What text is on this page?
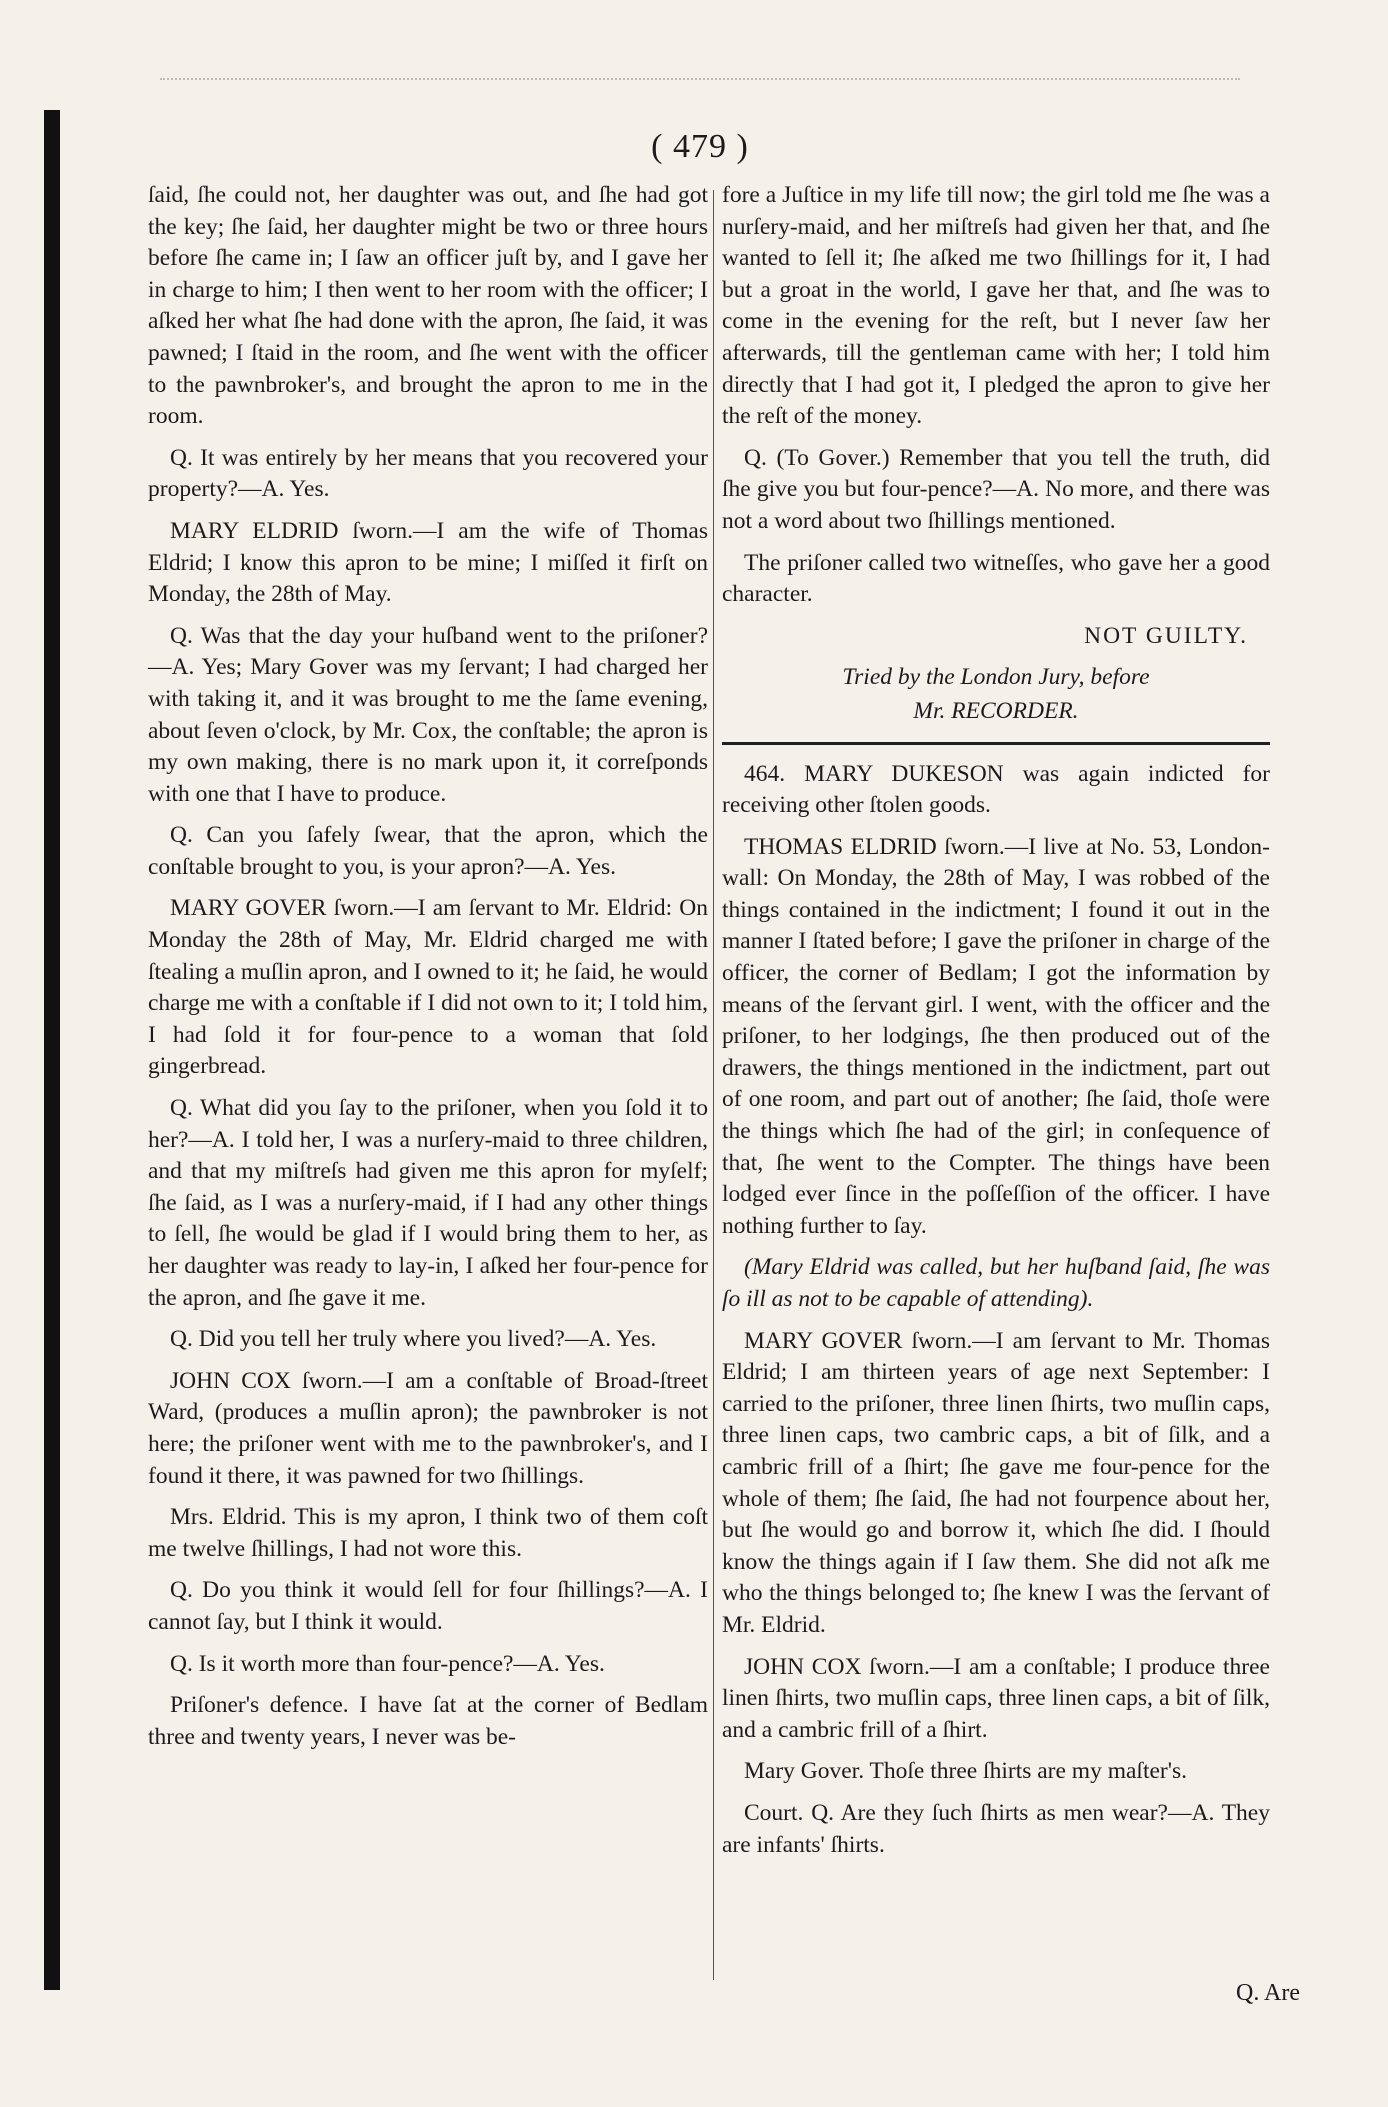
( 479 )

ſaid, ſhe could not, her daughter was out, and ſhe had got the key; ſhe ſaid, her daughter might be two or three hours before ſhe came in; I ſaw an officer juſt by, and I gave her in charge to him; I then went to her room with the officer; I aſked her what ſhe had done with the apron, ſhe ſaid, it was pawned; I ſtaid in the room, and ſhe went with the officer to the pawnbroker's, and brought the apron to me in the room.

Q. It was entirely by her means that you recovered your property?—A. Yes.

MARY ELDRID ſworn.—I am the wife of Thomas Eldrid; I know this apron to be mine; I miſſed it firſt on Monday, the 28th of May.

Q. Was that the day your huſband went to the priſoner?—A. Yes; Mary Gover was my ſervant; I had charged her with taking it, and it was brought to me the ſame evening, about ſeven o'clock, by Mr. Cox, the conſtable; the apron is my own making, there is no mark upon it, it correſponds with one that I have to produce.

Q. Can you ſafely ſwear, that the apron, which the conſtable brought to you, is your apron?—A. Yes.

MARY GOVER ſworn.—I am ſervant to Mr. Eldrid: On Monday the 28th of May, Mr. Eldrid charged me with ſtealing a muſlin apron, and I owned to it; he ſaid, he would charge me with a conſtable if I did not own to it; I told him, I had ſold it for four-pence to a woman that ſold gingerbread.

Q. What did you ſay to the priſoner, when you ſold it to her?—A. I told her, I was a nurſery-maid to three children, and that my miſtreſs had given me this apron for myſelf; ſhe ſaid, as I was a nurſery-maid, if I had any other things to ſell, ſhe would be glad if I would bring them to her, as her daughter was ready to lay-in, I aſked her four-pence for the apron, and ſhe gave it me.

Q. Did you tell her truly where you lived?—A. Yes.

JOHN COX ſworn.—I am a conſtable of Broad-ſtreet Ward, (produces a muſlin apron); the pawnbroker is not here; the priſoner went with me to the pawnbroker's, and I found it there, it was pawned for two ſhillings.

Mrs. Eldrid. This is my apron, I think two of them coſt me twelve ſhillings, I had not wore this.

Q. Do you think it would ſell for four ſhillings?—A. I cannot ſay, but I think it would.

Q. Is it worth more than four-pence?—A. Yes.

Priſoner's defence. I have ſat at the corner of Bedlam three and twenty years, I never was be-

fore a Juſtice in my life till now; the girl told me ſhe was a nurſery-maid, and her miſtreſs had given her that, and ſhe wanted to ſell it; ſhe aſked me two ſhillings for it, I had but a groat in the world, I gave her that, and ſhe was to come in the evening for the reſt, but I never ſaw her afterwards, till the gentleman came with her; I told him directly that I had got it, I pledged the apron to give her the reſt of the money.

Q. (To Gover.) Remember that you tell the truth, did ſhe give you but four-pence?—A. No more, and there was not a word about two ſhillings mentioned.

The priſoner called two witneſſes, who gave her a good character.

NOT GUILTY.
Tried by the London Jury, before
Mr. RECORDER.

464. MARY DUKESON was again indicted for receiving other ſtolen goods.

THOMAS ELDRID ſworn.—I live at No. 53, London-wall: On Monday, the 28th of May, I was robbed of the things contained in the indictment; I found it out in the manner I ſtated before; I gave the priſoner in charge of the officer, the corner of Bedlam; I got the information by means of the ſervant girl. I went, with the officer and the priſoner, to her lodgings, ſhe then produced out of the drawers, the things mentioned in the indictment, part out of one room, and part out of another; ſhe ſaid, thoſe were the things which ſhe had of the girl; in conſequence of that, ſhe went to the Compter. The things have been lodged ever ſince in the poſſeſſion of the officer. I have nothing further to ſay.

(Mary Eldrid was called, but her huſband ſaid, ſhe was ſo ill as not to be capable of attending).

MARY GOVER ſworn.—I am ſervant to Mr. Thomas Eldrid; I am thirteen years of age next September: I carried to the priſoner, three linen ſhirts, two muſlin caps, three linen caps, two cambric caps, a bit of ſilk, and a cambric frill of a ſhirt; ſhe gave me four-pence for the whole of them; ſhe ſaid, ſhe had not fourpence about her, but ſhe would go and borrow it, which ſhe did. I ſhould know the things again if I ſaw them. She did not aſk me who the things belonged to; ſhe knew I was the ſervant of Mr. Eldrid.

JOHN COX ſworn.—I am a conſtable; I produce three linen ſhirts, two muſlin caps, three linen caps, a bit of ſilk, and a cambric frill of a ſhirt.

Mary Gover. Thoſe three ſhirts are my maſter's.

Court. Q. Are they ſuch ſhirts as men wear?—A. They are infants' ſhirts.

Q. Are
